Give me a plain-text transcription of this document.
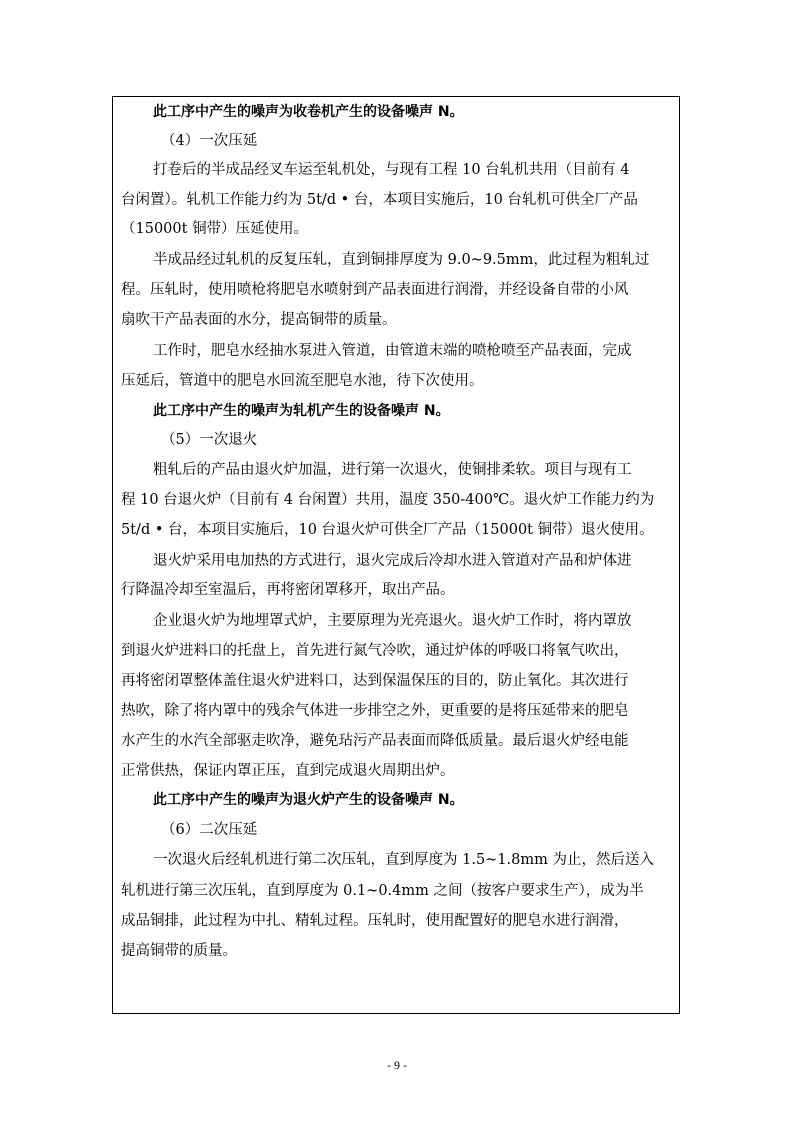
此工序中产生的噪声为收卷机产生的设备噪声 N。
（4）一次压延
打卷后的半成品经叉车运至轧机处，与现有工程 10 台轧机共用（目前有 4
台闲置）。轧机工作能力约为 5t/d • 台，本项目实施后，10 台轧机可供全厂产品
（15000t 铜带）压延使用。
半成品经过轧机的反复压轧，直到铜排厚度为 9.0~9.5mm，此过程为粗轧过
程。压轧时，使用喷枪将肥皂水喷射到产品表面进行润滑，并经设备自带的小风
扇吹干产品表面的水分，提高铜带的质量。
工作时，肥皂水经抽水泵进入管道，由管道末端的喷枪喷至产品表面，完成
压延后，管道中的肥皂水回流至肥皂水池，待下次使用。
此工序中产生的噪声为轧机产生的设备噪声 N。
（5）一次退火
粗轧后的产品由退火炉加温，进行第一次退火，使铜排柔软。项目与现有工
程 10 台退火炉（目前有 4 台闲置）共用，温度 350-400℃。退火炉工作能力约为
5t/d • 台，本项目实施后，10 台退火炉可供全厂产品（15000t 铜带）退火使用。
退火炉采用电加热的方式进行，退火完成后冷却水进入管道对产品和炉体进
行降温冷却至室温后，再将密闭罩移开，取出产品。
企业退火炉为地埋罩式炉，主要原理为光亮退火。退火炉工作时，将内罩放
到退火炉进料口的托盘上，首先进行氮气冷吹，通过炉体的呼吸口将氧气吹出，
再将密闭罩整体盖住退火炉进料口，达到保温保压的目的，防止氧化。其次进行
热吹，除了将内罩中的残余气体进一步排空之外，更重要的是将压延带来的肥皂
水产生的水汽全部驱走吹净，避免玷污产品表面而降低质量。最后退火炉经电能
正常供热，保证内罩正压，直到完成退火周期出炉。
此工序中产生的噪声为退火炉产生的设备噪声 N。
（6）二次压延
一次退火后经轧机进行第二次压轧，直到厚度为 1.5~1.8mm 为止，然后送入
轧机进行第三次压轧，直到厚度为 0.1~0.4mm 之间（按客户要求生产），成为半
成品铜排，此过程为中扎、精轧过程。压轧时，使用配置好的肥皂水进行润滑，
提高铜带的质量。
- 9 -
